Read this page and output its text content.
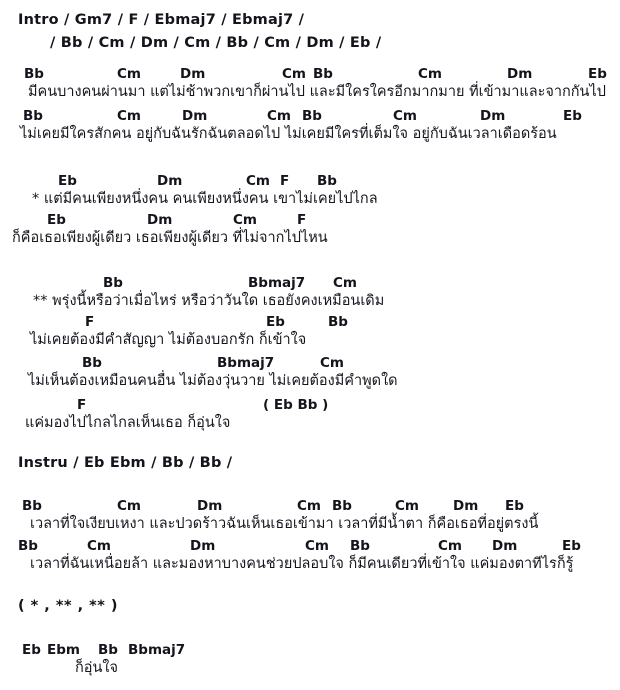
Intro / Gm7 / F / Ebmaj7 / Ebmaj7 /
/ Bb / Cm / Dm / Cm / Bb / Cm / Dm / Eb /
Bb	Cm	Dm	Cm Bb	Cm	Dm	Eb
มีคนบางคนผ่านมา แต่ไม่ช้าพวกเขาก็ผ่านไป และมีใครใครอีกมากมาย ที่เข้ามาและจากกันไป
Bb	Cm	Dm	Cm Bb	Cm	Dm	Eb
ไม่เคยมีใครสักคน อยู่กับฉันรักฉันตลอดไป ไม่เคยมีใครที่เต็มใจ อยู่กับฉันเวลาเดือดร้อน
Eb	Dm	Cm F Bb
* แต่มีคนเพียงหนึ่งคน คนเพียงหนึ่งคน เขาไม่เคยไปไกล
Eb	Dm	Cm	F
ก็คือเธอเพียงผู้เดียว เธอเพียงผู้เดียว ที่ไม่จากไปไหน
Bb	Bbmaj7 Cm
** พรุ่งนี้หรือว่าเมื่อไหร่ หรือว่าวันใด เธอยังคงเหมือนเดิม
F	Eb	Bb
ไม่เคยต้องมีคำสัญญา ไม่ต้องบอกรัก ก็เข้าใจ
Bb	Bbmaj7	Cm
ไม่เห็นต้องเหมือนคนอื่น ไม่ต้องวุ่นวาย ไม่เคยต้องมีคำพูดใด
F	( Eb Bb )
แค่มองไปไกลไกลเห็นเธอ ก็อุ่นใจ
Instru / Eb Ebm / Bb / Bb /
Bb	Cm	Dm	Cm Bb	Cm	Dm Eb
เวลาที่ใจเงียบเหงา และปวดร้าวฉันเห็นเธอเข้ามา เวลาที่มีน้ำตา ก็คือเธอที่อยู่ตรงนี้
Bb	Cm	Dm	Cm Bb	Cm Dm	Eb
เวลาที่ฉันเหนื่อยล้า และมองหาบางคนช่วยปลอบใจ ก็มีคนเดียวที่เข้าใจ แค่มองตาทีไรก็รู้
( * , ** , ** )
Eb Ebm Bb Bbmaj7
ก็อุ่นใจ
